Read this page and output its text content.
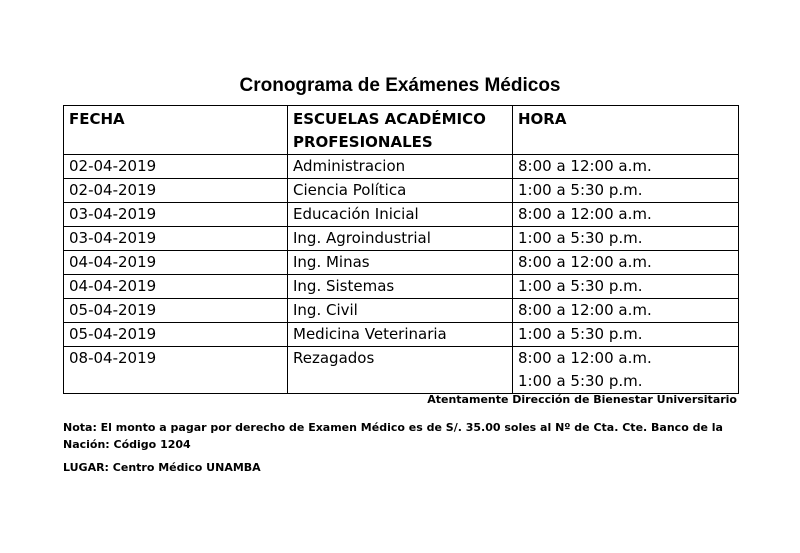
Cronograma de Exámenes Médicos
FECHA	ESCUELAS ACADÉMICO PROFESIONALES	HORA
02-04-2019	Administracion	8:00 a 12:00 a.m.

02-04-2019	Ciencia Política	1:00 a 5:30 p.m.

03-04-2019	Educación Inicial	8:00 a 12:00 a.m.

03-04-2019	Ing. Agroindustrial	1:00 a 5:30 p.m.

04-04-2019	Ing. Minas	8:00 a 12:00 a.m.

04-04-2019	Ing. Sistemas	1:00 a 5:30 p.m.

05-04-2019	Ing. Civil	8:00 a 12:00 a.m.

05-04-2019	Medicina Veterinaria	1:00 a 5:30 p.m.

08-04-2019	Rezagados	8:00 a 12:00 a.m.
1:00 a 5:30 p.m.

Atentamente Dirección de Bienestar Universitario

Nota: El monto a pagar por derecho de Examen Médico es de S/. 35.00 soles al Nº de Cta. Cte. Banco de la Nación: Código 1204

LUGAR: Centro Médico UNAMBA
